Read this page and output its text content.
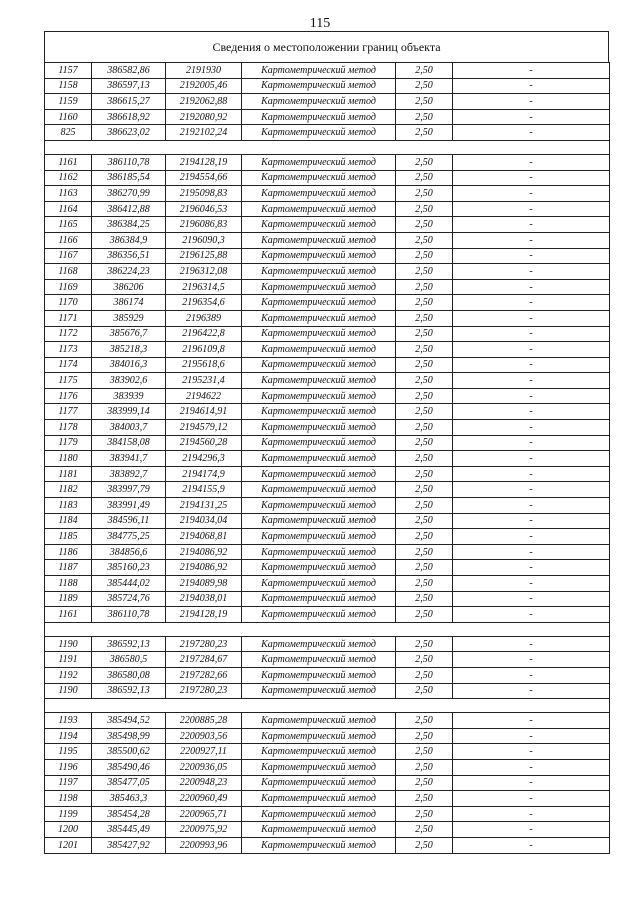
115
Сведения о местоположении границ объекта
1157	386582,86	2191930	Картометрический метод	2,50	-
1158	386597,13	2192005,46	Картометрический метод	2,50	-
1159	386615,27	2192062,88	Картометрический метод	2,50	-
1160	386618,92	2192080,92	Картометрический метод	2,50	-
825	386623,02	2192102,24	Картометрический метод	2,50	-

1161	386110,78	2194128,19	Картометрический метод	2,50	-
1162	386185,54	2194554,66	Картометрический метод	2,50	-
1163	386270,99	2195098,83	Картометрический метод	2,50	-
1164	386412,88	2196046,53	Картометрический метод	2,50	-
1165	386384,25	2196086,83	Картометрический метод	2,50	-
1166	386384,9	2196090,3	Картометрический метод	2,50	-
1167	386356,51	2196125,88	Картометрический метод	2,50	-
1168	386224,23	2196312,08	Картометрический метод	2,50	-
1169	386206	2196314,5	Картометрический метод	2,50	-
1170	386174	2196354,6	Картометрический метод	2,50	-
1171	385929	2196389	Картометрический метод	2,50	-
1172	385676,7	2196422,8	Картометрический метод	2,50	-
1173	385218,3	2196109,8	Картометрический метод	2,50	-
1174	384016,3	2195618,6	Картометрический метод	2,50	-
1175	383902,6	2195231,4	Картометрический метод	2,50	-
1176	383939	2194622	Картометрический метод	2,50	-
1177	383999,14	2194614,91	Картометрический метод	2,50	-
1178	384003,7	2194579,12	Картометрический метод	2,50	-
1179	384158,08	2194560,28	Картометрический метод	2,50	-
1180	383941,7	2194296,3	Картометрический метод	2,50	-
1181	383892,7	2194174,9	Картометрический метод	2,50	-
1182	383997,79	2194155,9	Картометрический метод	2,50	-
1183	383991,49	2194131,25	Картометрический метод	2,50	-
1184	384596,11	2194034,04	Картометрический метод	2,50	-
1185	384775,25	2194068,81	Картометрический метод	2,50	-
1186	384856,6	2194086,92	Картометрический метод	2,50	-
1187	385160,23	2194086,92	Картометрический метод	2,50	-
1188	385444,02	2194089,98	Картометрический метод	2,50	-
1189	385724,76	2194038,01	Картометрический метод	2,50	-
1161	386110,78	2194128,19	Картометрический метод	2,50	-

1190	386592,13	2197280,23	Картометрический метод	2,50	-
1191	386580,5	2197284,67	Картометрический метод	2,50	-
1192	386580,08	2197282,66	Картометрический метод	2,50	-
1190	386592,13	2197280,23	Картометрический метод	2,50	-

1193	385494,52	2200885,28	Картометрический метод	2,50	-
1194	385498,99	2200903,56	Картометрический метод	2,50	-
1195	385500,62	2200927,11	Картометрический метод	2,50	-
1196	385490,46	2200936,05	Картометрический метод	2,50	-
1197	385477,05	2200948,23	Картометрический метод	2,50	-
1198	385463,3	2200960,49	Картометрический метод	2,50	-
1199	385454,28	2200965,71	Картометрический метод	2,50	-
1200	385445,49	2200975,92	Картометрический метод	2,50	-
1201	385427,92	2200993,96	Картометрический метод	2,50	-
